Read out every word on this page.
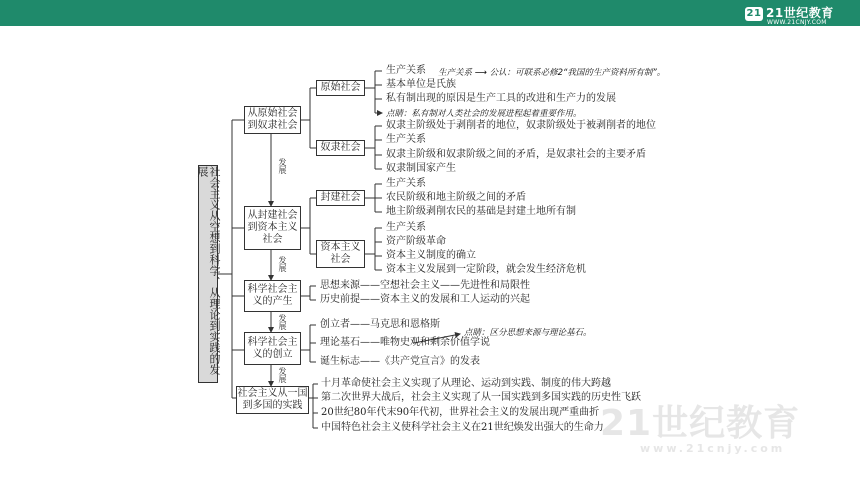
21 21世纪教育
WWW.21CNJY.COM
21世纪教育
www.21cnjy.com
社会主义从空想到科学、从理论到实践的发展
从原始社会到奴隶社会
从封建社会到资本主义社会
科学社会主义的产生
科学社会主义的创立
社会主义从一国到多国的实践
发展
发展
发展
发展
原始社会
奴隶社会
封建社会
资本主义社会
生产关系 生产关系 ⟶ 公认：可联系必修2“我国的生产资料所有制”。
基本单位是氏族
私有制出现的原因是生产工具的改进和生产力的发展
点睛：私有制对人类社会的发展进程起着重要作用。
奴隶主阶级处于剥削者的地位，奴隶阶级处于被剥削者的地位
生产关系
奴隶主阶级和奴隶阶级之间的矛盾，是奴隶社会的主要矛盾
奴隶制国家产生
生产关系
农民阶级和地主阶级之间的矛盾
地主阶级剥削农民的基础是封建土地所有制
生产关系
资产阶级革命
资本主义制度的确立
资本主义发展到一定阶段，就会发生经济危机
思想来源——空想社会主义——先进性和局限性
历史前提——资本主义的发展和工人运动的兴起
创立者——马克思和恩格斯
点睛：区分思想来源与理论基石。
理论基石——唯物史观和剩余价值学说
诞生标志——《共产党宣言》的发表
十月革命使社会主义实现了从理论、运动到实践、制度的伟大跨越
第二次世界大战后，社会主义实现了从一国实践到多国实践的历史性飞跃
20世纪80年代末90年代初，世界社会主义的发展出现严重曲折
中国特色社会主义使科学社会主义在21世纪焕发出强大的生命力
